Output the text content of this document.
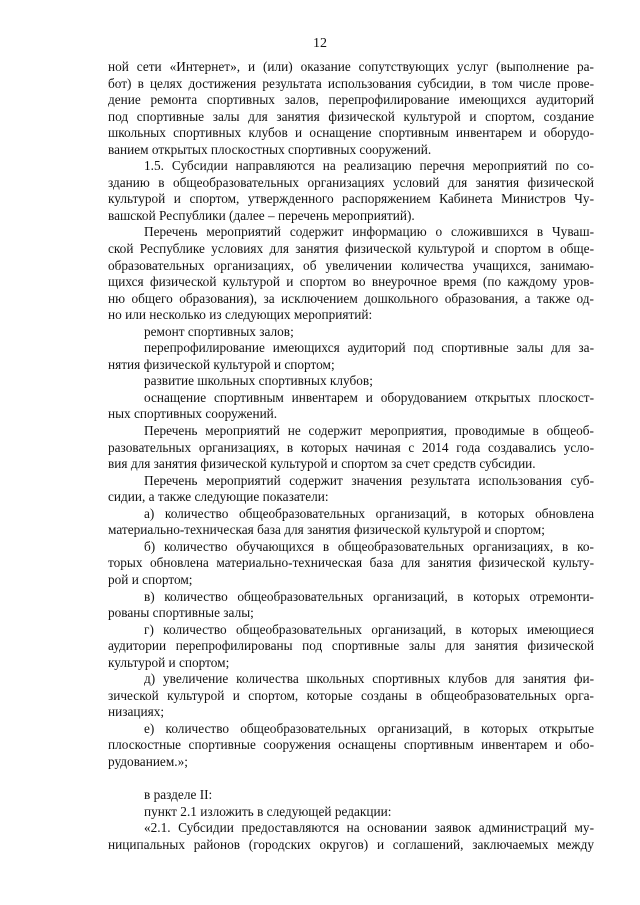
12
ной сети «Интернет», и (или) оказание сопутствующих услуг (выполнение ра-
бот) в целях достижения результата использования субсидии, в том числе прове-
дение ремонта спортивных залов, перепрофилирование имеющихся аудиторий
под спортивные залы для занятия физической культурой и спортом, создание
школьных спортивных клубов и оснащение спортивным инвентарем и оборудо-
ванием открытых плоскостных спортивных сооружений.
1.5. Субсидии направляются на реализацию перечня мероприятий по со-
зданию в общеобразовательных организациях условий для занятия физической
культурой и спортом, утвержденного распоряжением Кабинета Министров Чу-
вашской Республики (далее – перечень мероприятий).
Перечень мероприятий содержит информацию о сложившихся в Чуваш-
ской Республике условиях для занятия физической культурой и спортом в обще-
образовательных организациях, об увеличении количества учащихся, занимаю-
щихся физической культурой и спортом во внеурочное время (по каждому уров-
ню общего образования), за исключением дошкольного образования, а также од-
но или несколько из следующих мероприятий:
ремонт спортивных залов;
перепрофилирование имеющихся аудиторий под спортивные залы для за-
нятия физической культурой и спортом;
развитие школьных спортивных клубов;
оснащение спортивным инвентарем и оборудованием открытых плоскост-
ных спортивных сооружений.
Перечень мероприятий не содержит мероприятия, проводимые в общеоб-
разовательных организациях, в которых начиная с 2014 года создавались усло-
вия для занятия физической культурой и спортом за счет средств субсидии.
Перечень мероприятий содержит значения результата использования суб-
сидии, а также следующие показатели:
а) количество общеобразовательных организаций, в которых обновлена
материально-техническая база для занятия физической культурой и спортом;
б) количество обучающихся в общеобразовательных организациях, в ко-
торых обновлена материально-техническая база для занятия физической культу-
рой и спортом;
в) количество общеобразовательных организаций, в которых отремонти-
рованы спортивные залы;
г) количество общеобразовательных организаций, в которых имеющиеся
аудитории перепрофилированы под спортивные залы для занятия физической
культурой и спортом;
д) увеличение количества школьных спортивных клубов для занятия фи-
зической культурой и спортом, которые созданы в общеобразовательных орга-
низациях;
е) количество общеобразовательных организаций, в которых открытые
плоскостные спортивные сооружения оснащены спортивным инвентарем и обо-
рудованием.»;
в разделе II:
пункт 2.1 изложить в следующей редакции:
«2.1. Субсидии предоставляются на основании заявок администраций му-
ниципальных районов (городских округов) и соглашений, заключаемых между
